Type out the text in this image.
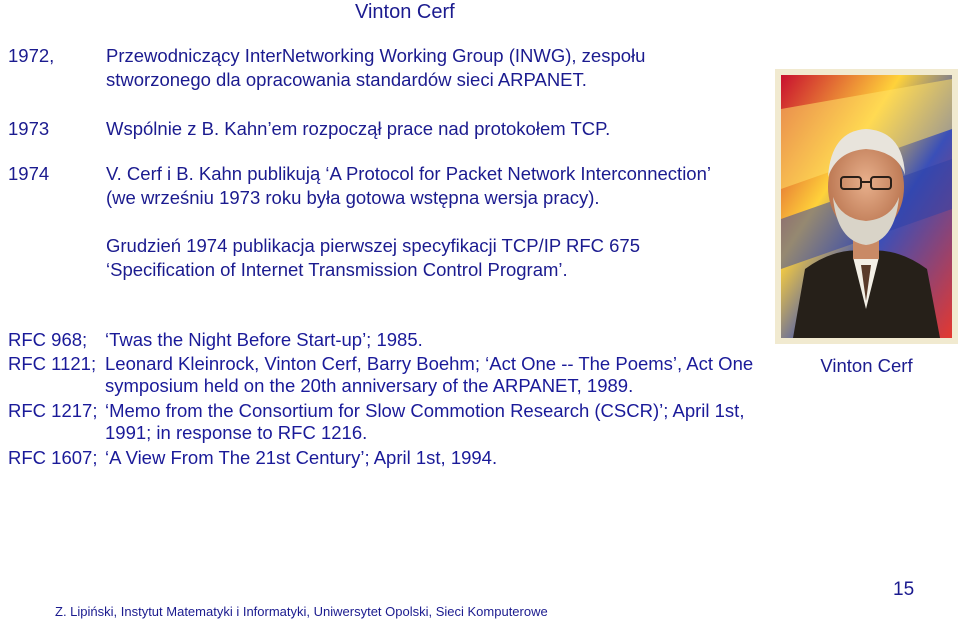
Vinton Cerf
1972,	Przewodniczący InterNetworking Working Group (INWG), zespołu
stworzonego dla opracowania standardów sieci ARPANET.
1973	Wspólnie z B. Kahn’em rozpoczął prace nad protokołem TCP.
1974	V. Cerf i B. Kahn publikują ‘A Protocol for Packet Network Interconnection’
(we wrześniu 1973 roku była gotowa wstępna wersja pracy).
Grudzień 1974 publikacja pierwszej specyfikacji TCP/IP RFC 675
‘Specification of Internet Transmission Control Program’.
RFC 968; ‘Twas the Night Before Start-up’; 1985.
RFC 1121; Leonard Kleinrock, Vinton Cerf, Barry Boehm; ‘Act One -- The Poems’, Act One symposium held on the 20th anniversary of the ARPANET, 1989.
RFC 1217; ‘Memo from the Consortium for Slow Commotion Research (CSCR)’; April 1st, 1991; in response to RFC 1216.
RFC 1607; ‘A View From The 21st Century’; April 1st, 1994.
Vinton Cerf
Z. Lipiński, Instytut Matematyki i Informatyki, Uniwersytet Opolski, Sieci Komputerowe
15
